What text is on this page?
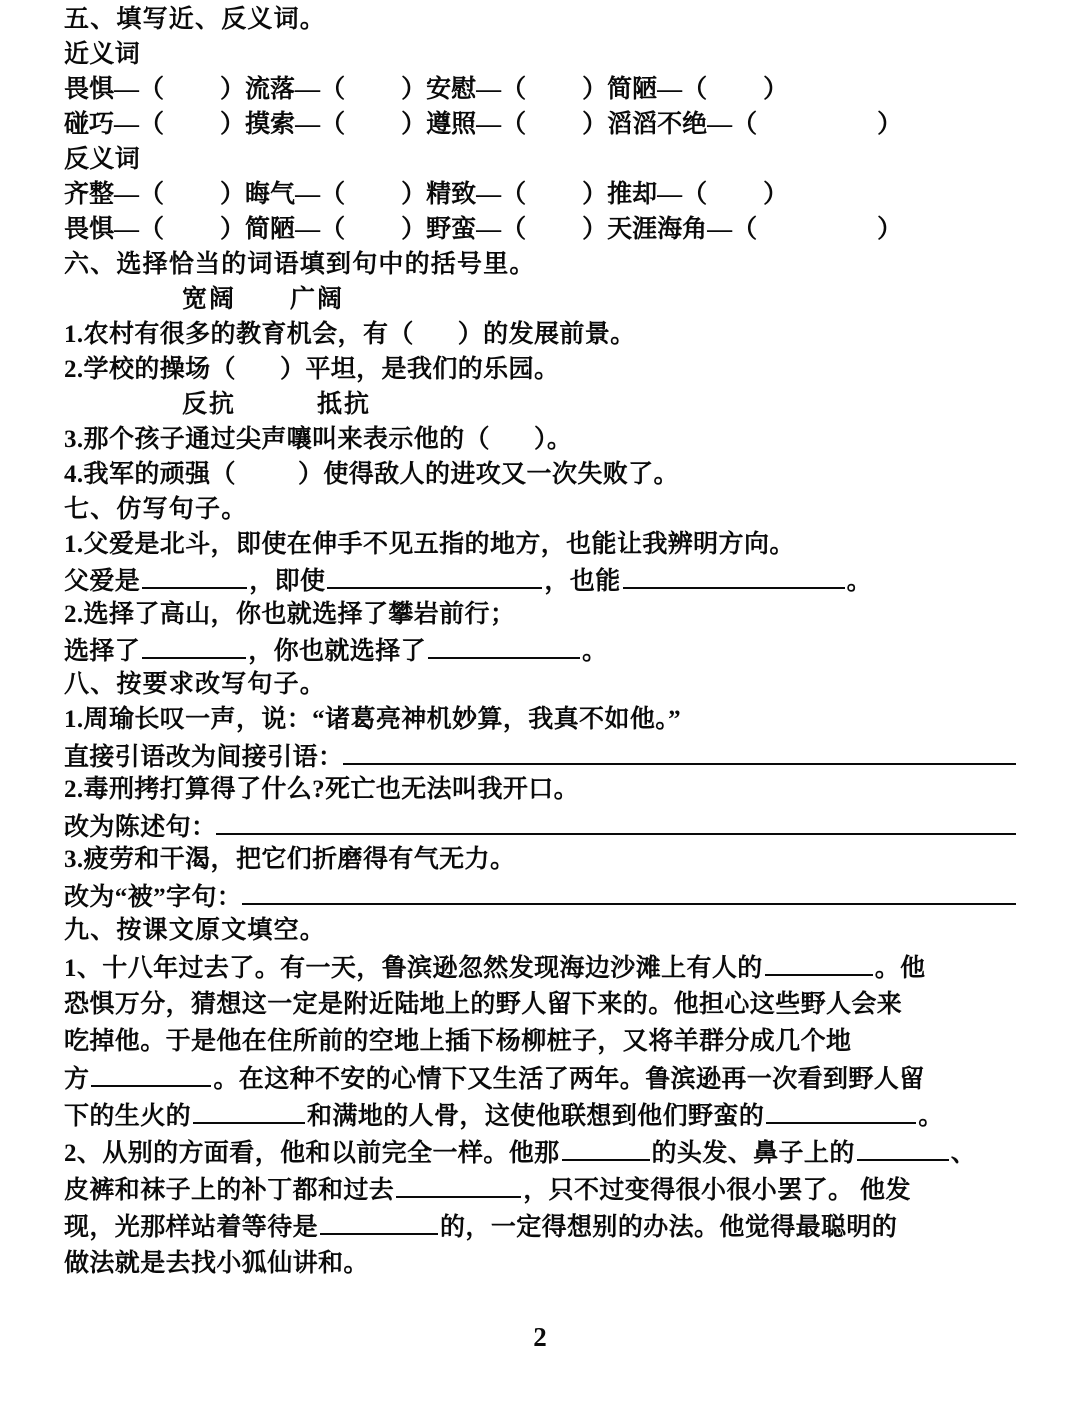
五、填写近、反义词。
近义词
畏惧 — （ ） 流落 — （ ） 安慰 — （ ） 简陋 — （ ）
碰巧 — （ ） 摸索 — （ ） 遵照 — （ ） 滔滔不绝 — （	）
反义词
齐整 — （ ） 晦气 — （ ） 精致 — （ ） 推却 — （ ）
畏惧 — （ ） 简陋 — （ ） 野蛮 — （ ） 天涯海角 — （	）
六、选择恰当的词语填到句中的括号里。
宽阔　　广阔
1.农村有很多的教育机会，有（ ）的发展前景。
2.学校的操场（ ）平坦，是我们的乐园。
反抗　　　抵抗
3.那个孩子通过尖声嚷叫来表示他的（ ）。
4.我军的顽强（ ）使得敌人的进攻又一次失败了。
七、仿写句子。
1.父爱是北斗，即使在伸手不见五指的地方，也能让我辨明方向。
父爱是	，即使	，也能	。
2.选择了高山，你也就选择了攀岩前行；
选择了	，你也就选择了	。
八、按要求改写句子。
1.周瑜长叹一声，说：“诸葛亮神机妙算，我真不如他。”
直接引语改为间接引语：
2.毒刑拷打算得了什么?死亡也无法叫我开口。
改为陈述句：
3.疲劳和干渴，把它们折磨得有气无力。
改为“被”字句：
九、按课文原文填空。
1、十八年过去了。有一天，鲁滨逊忽然发现海边沙滩上有人的	。他
恐惧万分，猜想这一定是附近陆地上的野人留下来的。他担心这些野人会来
吃掉他。于是他在住所前的空地上插下杨柳桩子，又将羊群分成几个地
方	。在这种不安的心情下又生活了两年。鲁滨逊再一次看到野人留
下的生火的	和满地的人骨，这使他联想到他们野蛮的	。
2、从别的方面看，他和以前完全一样。他那	的头发、鼻子上的	、
皮裤和袜子上的补丁都和过去	，只不过变得很小很小罢了。 他发
现，光那样站着等待是	的，一定得想别的办法。他觉得最聪明的
做法就是去找小狐仙讲和。
2
